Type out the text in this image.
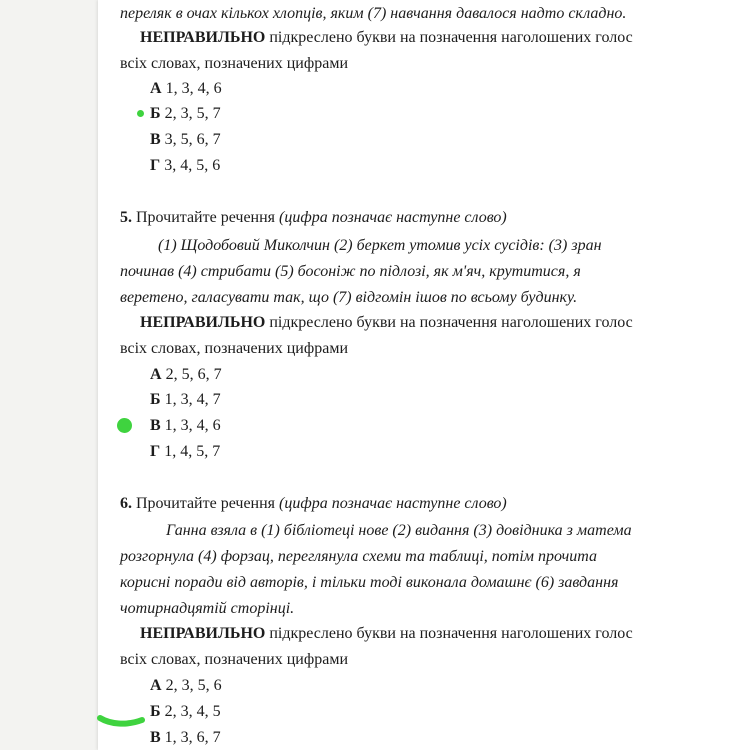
переляк в очах кількох хлопців, яким (7) навчання давалося надто складно.
НЕПРАВИЛЬНО підкреслено букви на позначення наголошених голос
всіх словах, позначених цифрами
А 1, 3, 4, 6
Б 2, 3, 5, 7
В 3, 5, 6, 7
Г 3, 4, 5, 6
5. Прочитайте речення (цифра позначає наступне слово)
(1) Щодобовий Миколчин (2) беркет утомив усіх сусідів: (3) зран
починав (4) стрибати (5) босоніж по підлозі, як м'яч, крутитися, я
веретено, галасувати так, що (7) відгомін ішов по всьому будинку.
НЕПРАВИЛЬНО підкреслено букви на позначення наголошених голос
всіх словах, позначених цифрами
А 2, 5, 6, 7
Б 1, 3, 4, 7
В 1, 3, 4, 6
Г 1, 4, 5, 7
6. Прочитайте речення (цифра позначає наступне слово)
Ганна взяла в (1) бібліотеці нове (2) видання (3) довідника з матема
розгорнула (4) форзац, переглянула схеми та таблиці, потім прочита
корисні поради від авторів, і тільки тоді виконала домашнє (6) завдання
чотирнадцятій сторінці.
НЕПРАВИЛЬНО підкреслено букви на позначення наголошених голос
всіх словах, позначених цифрами
А 2, 3, 5, 6
Б 2, 3, 4, 5
В 1, 3, 6, 7
